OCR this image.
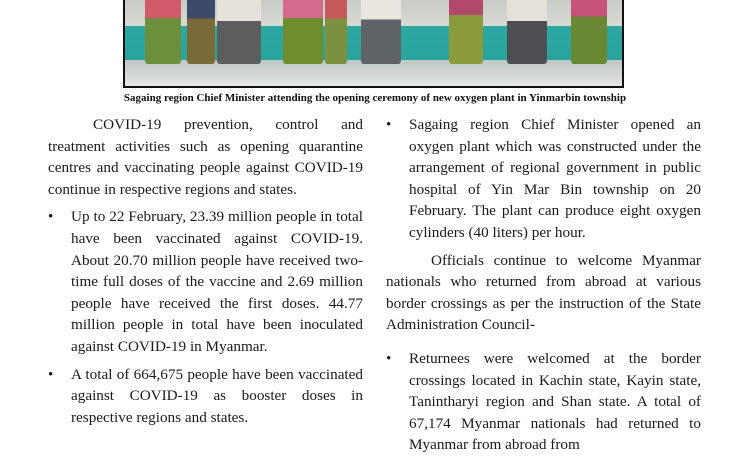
Sagaing region Chief Minister attending the opening ceremony of new oxygen plant in Yinmarbin township

COVID-19 prevention, control and treatment activities such as opening quarantine centres and vaccinating people against COVID-19 continue in respective regions and states.

• Up to 22 February, 23.39 million people in total have been vaccinated against COVID-19. About 20.70 million people have received two-time full doses of the vaccine and 2.69 million people have received the first doses. 44.77 million people in total have been inoculated against COVID-19 in Myanmar.
• A total of 664,675 people have been vaccinated against COVID-19 as booster doses in respective regions and states.
• Sagaing region Chief Minister opened an oxygen plant which was constructed under the arrangement of regional government in public hospital of Yin Mar Bin township on 20 February. The plant can produce eight oxygen cylinders (40 liters) per hour.

Officials continue to welcome Myanmar nationals who returned from abroad at various border crossings as per the instruction of the State Administration Council-

• Returnees were welcomed at the border crossings located in Kachin state, Kayin state, Tanintharyi region and Shan state. A total of 67,174 Myanmar nationals had returned to Myanmar from abroad from
